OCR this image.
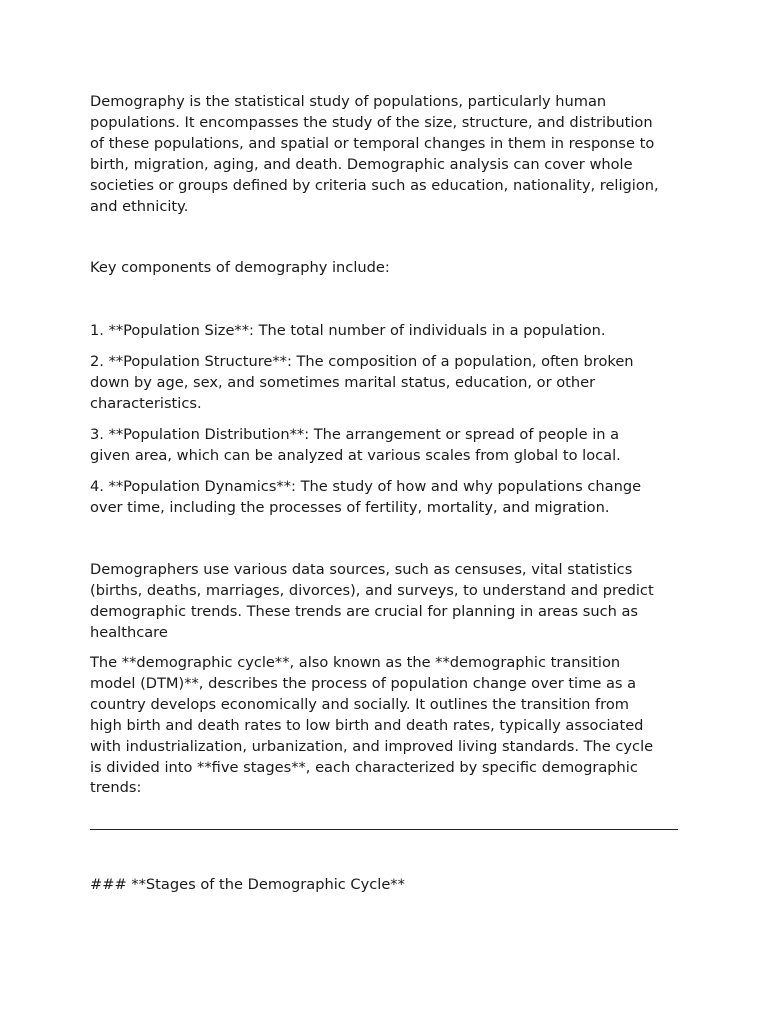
Demography is the statistical study of populations, particularly human
populations. It encompasses the study of the size, structure, and distribution
of these populations, and spatial or temporal changes in them in response to
birth, migration, aging, and death. Demographic analysis can cover whole
societies or groups defined by criteria such as education, nationality, religion,
and ethnicity.

Key components of demography include:

1. **Population Size**: The total number of individuals in a population.

2. **Population Structure**: The composition of a population, often broken
down by age, sex, and sometimes marital status, education, or other
characteristics.

3. **Population Distribution**: The arrangement or spread of people in a
given area, which can be analyzed at various scales from global to local.

4. **Population Dynamics**: The study of how and why populations change
over time, including the processes of fertility, mortality, and migration.

Demographers use various data sources, such as censuses, vital statistics
(births, deaths, marriages, divorces), and surveys, to understand and predict
demographic trends. These trends are crucial for planning in areas such as
healthcare

The **demographic cycle**, also known as the **demographic transition
model (DTM)**, describes the process of population change over time as a
country develops economically and socially. It outlines the transition from
high birth and death rates to low birth and death rates, typically associated
with industrialization, urbanization, and improved living standards. The cycle
is divided into **five stages**, each characterized by specific demographic
trends:

### **Stages of the Demographic Cycle**
